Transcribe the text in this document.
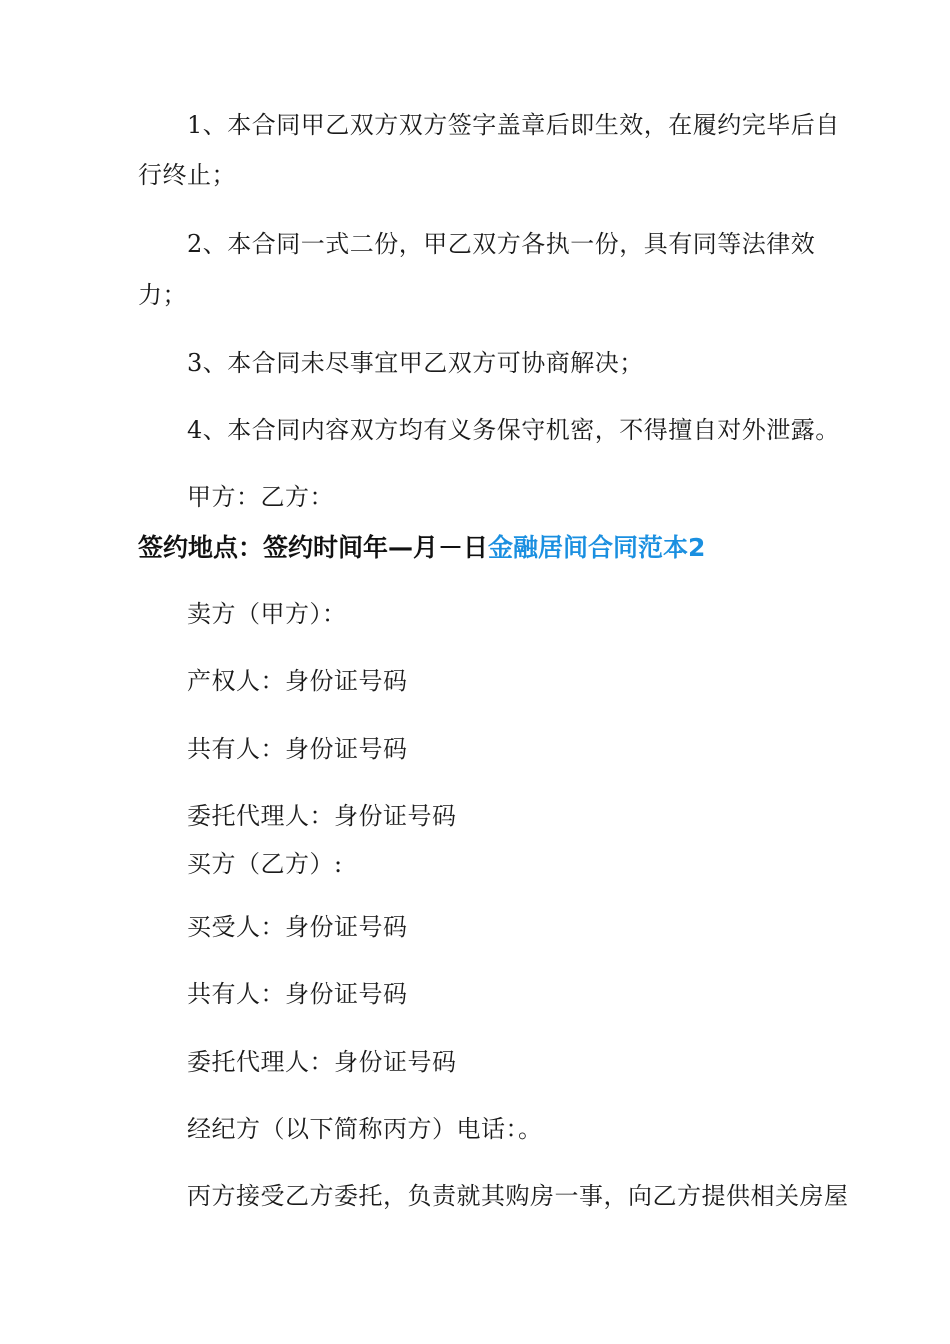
1、本合同甲乙双方双方签字盖章后即生效，在履约完毕后自
行终止；
2、本合同一式二份，甲乙双方各执一份，具有同等法律效
力；
3、本合同未尽事宜甲乙双方可协商解决；
4、本合同内容双方均有义务保守机密，不得擅自对外泄露。
甲方：乙方：
签约地点：签约时间年—月－日金融居间合同范本2
卖方（甲方）：
产权人：身份证号码
共有人：身份证号码
委托代理人：身份证号码
买方（乙方）:
买受人：身份证号码
共有人：身份证号码
委托代理人：身份证号码
经纪方（以下简称丙方）电话：。
丙方接受乙方委托，负责就其购房一事，向乙方提供相关房屋
